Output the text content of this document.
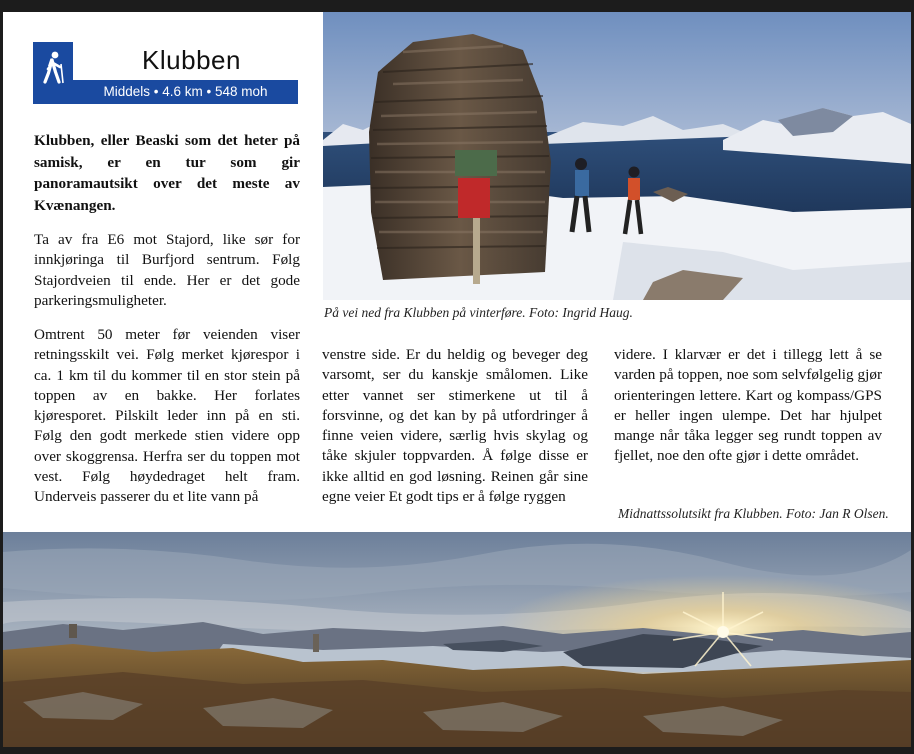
Klubben
Middels • 4.6 km • 548 moh

Klubben, eller Beaski som det heter på samisk, er en tur som gir panoramautsikt over det meste av Kvænangen.

Ta av fra E6 mot Stajord, like sør for innkjøringa til Burfjord sentrum. Følg Stajordveien til ende. Her er det gode parkeringsmuligheter.

Omtrent 50 meter før veienden viser retningsskilt vei. Følg merket kjørespor i ca. 1 km til du kommer til en stor stein på toppen av en bakke. Her forlates kjøresporet. Pilskilt leder inn på en sti. Følg den godt merkede stien videre opp over skoggrensa. Herfra ser du toppen mot vest. Følg høydedraget helt fram. Underveis passerer du et lite vann på

venstre side. Er du heldig og beveger deg varsomt, ser du kanskje smålomen. Like etter vannet ser stimerkene ut til å forsvinne, og det kan by på utfordringer å finne veien videre, særlig hvis skylag og tåke skjuler toppvarden. Å følge disse er ikke alltid en god løsning. Reinen går sine egne veier Et godt tips er å følge ryggen

videre. I klarvær er det i tillegg lett å se varden på toppen, noe som selvfølgelig gjør orienteringen lettere. Kart og kompass/GPS er heller ingen ulempe. Det har hjulpet mange når tåka legger seg rundt toppen av fjellet, noe den ofte gjør i dette området.

På vei ned fra Klubben på vinterføre. Foto: Ingrid Haug.

Midnattssolutsikt fra Klubben. Foto: Jan R Olsen.
